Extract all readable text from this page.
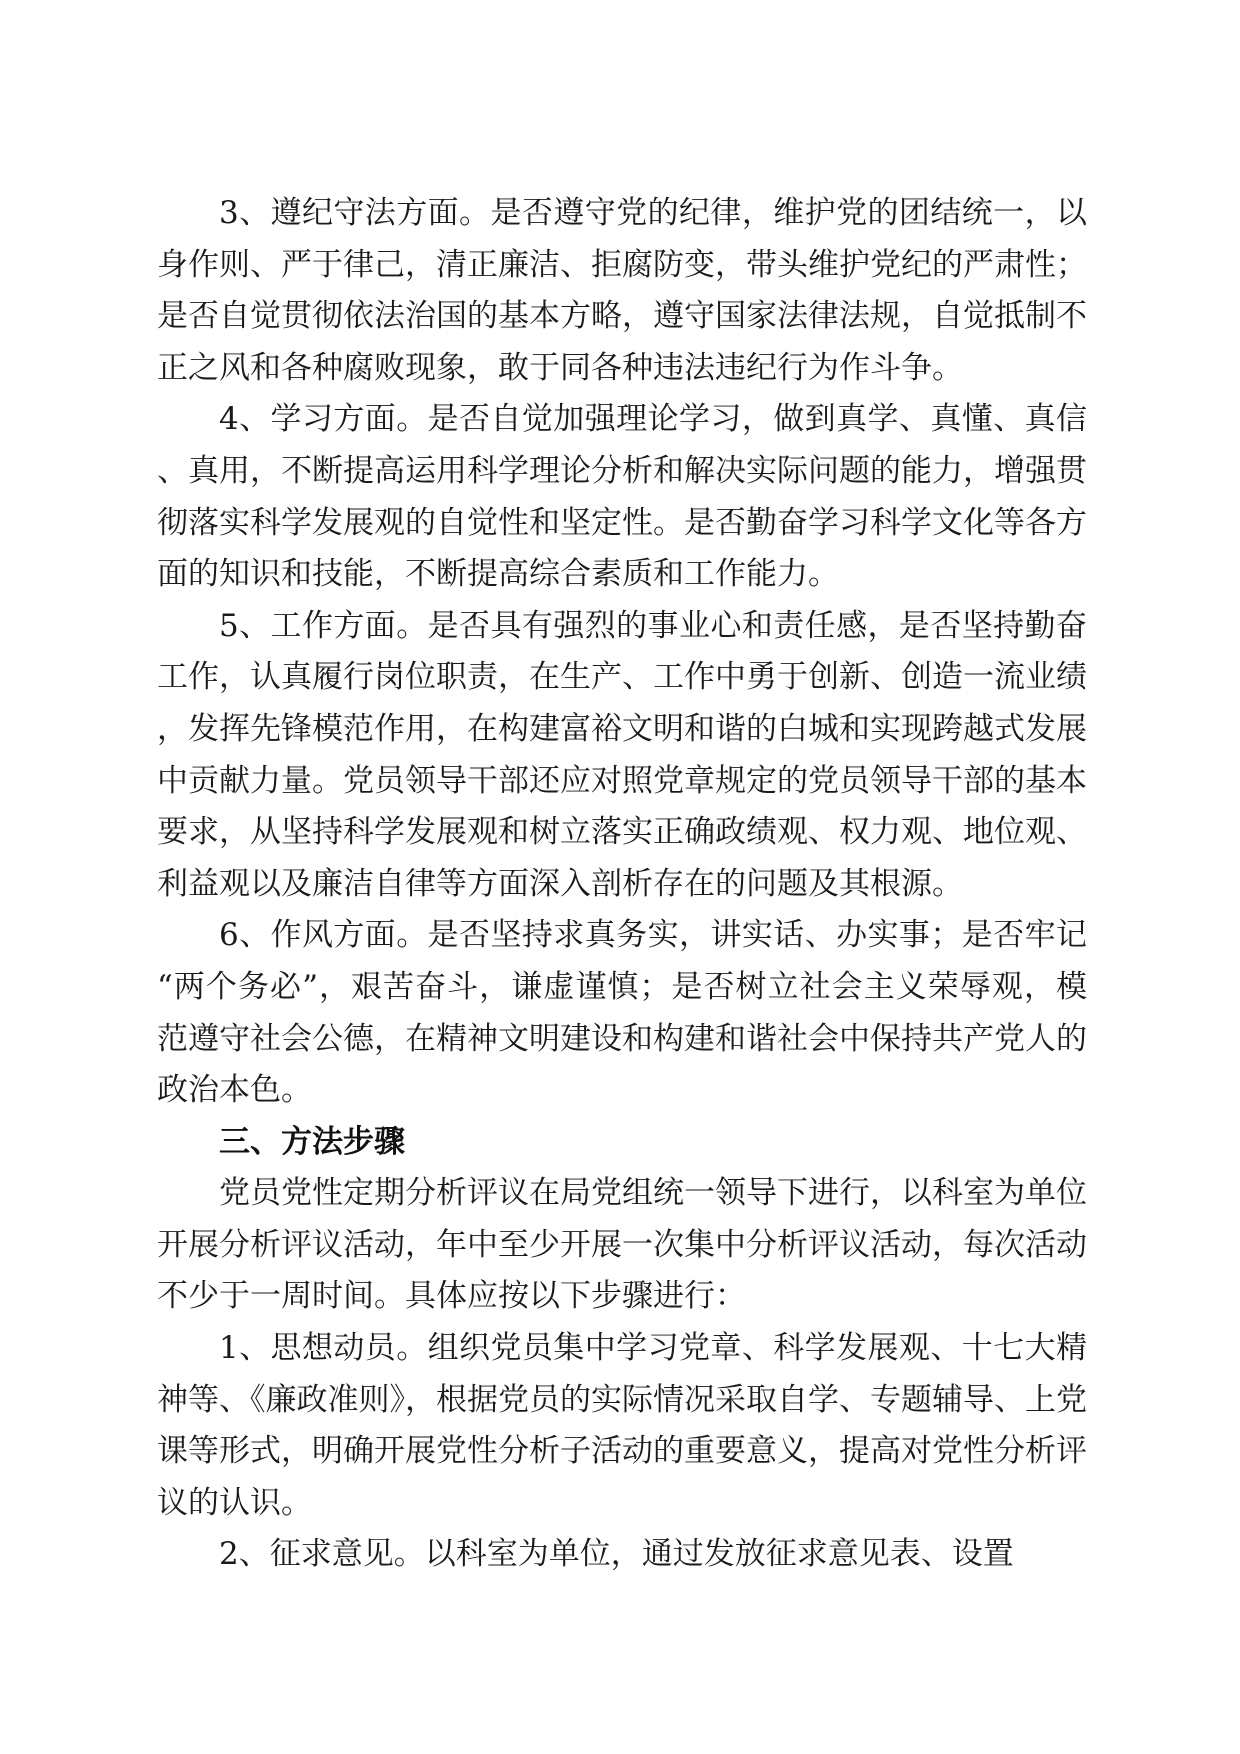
3、遵纪守法方面。是否遵守党的纪律，维护党的团结统一，以身作则、严于律己，清正廉洁、拒腐防变，带头维护党纪的严肃性；是否自觉贯彻依法治国的基本方略，遵守国家法律法规，自觉抵制不正之风和各种腐败现象，敢于同各种违法违纪行为作斗争。

4、学习方面。是否自觉加强理论学习，做到真学、真懂、真信、真用，不断提高运用科学理论分析和解决实际问题的能力，增强贯彻落实科学发展观的自觉性和坚定性。是否勤奋学习科学文化等各方面的知识和技能，不断提高综合素质和工作能力。

5、工作方面。是否具有强烈的事业心和责任感，是否坚持勤奋工作，认真履行岗位职责，在生产、工作中勇于创新、创造一流业绩，发挥先锋模范作用，在构建富裕文明和谐的白城和实现跨越式发展中贡献力量。党员领导干部还应对照党章规定的党员领导干部的基本要求，从坚持科学发展观和树立落实正确政绩观、权力观、地位观、利益观以及廉洁自律等方面深入剖析存在的问题及其根源。

6、作风方面。是否坚持求真务实，讲实话、办实事；是否牢记“两个务必”，艰苦奋斗，谦虚谨慎；是否树立社会主义荣辱观，模范遵守社会公德，在精神文明建设和构建和谐社会中保持共产党人的政治本色。

三、方法步骤

党员党性定期分析评议在局党组统一领导下进行，以科室为单位开展分析评议活动，年中至少开展一次集中分析评议活动，每次活动不少于一周时间。具体应按以下步骤进行：

1、思想动员。组织党员集中学习党章、科学发展观、十七大精神等、《廉政准则》，根据党员的实际情况采取自学、专题辅导、上党课等形式，明确开展党性分析子活动的重要意义，提高对党性分析评议的认识。

2、征求意见。以科室为单位，通过发放征求意见表、设置
